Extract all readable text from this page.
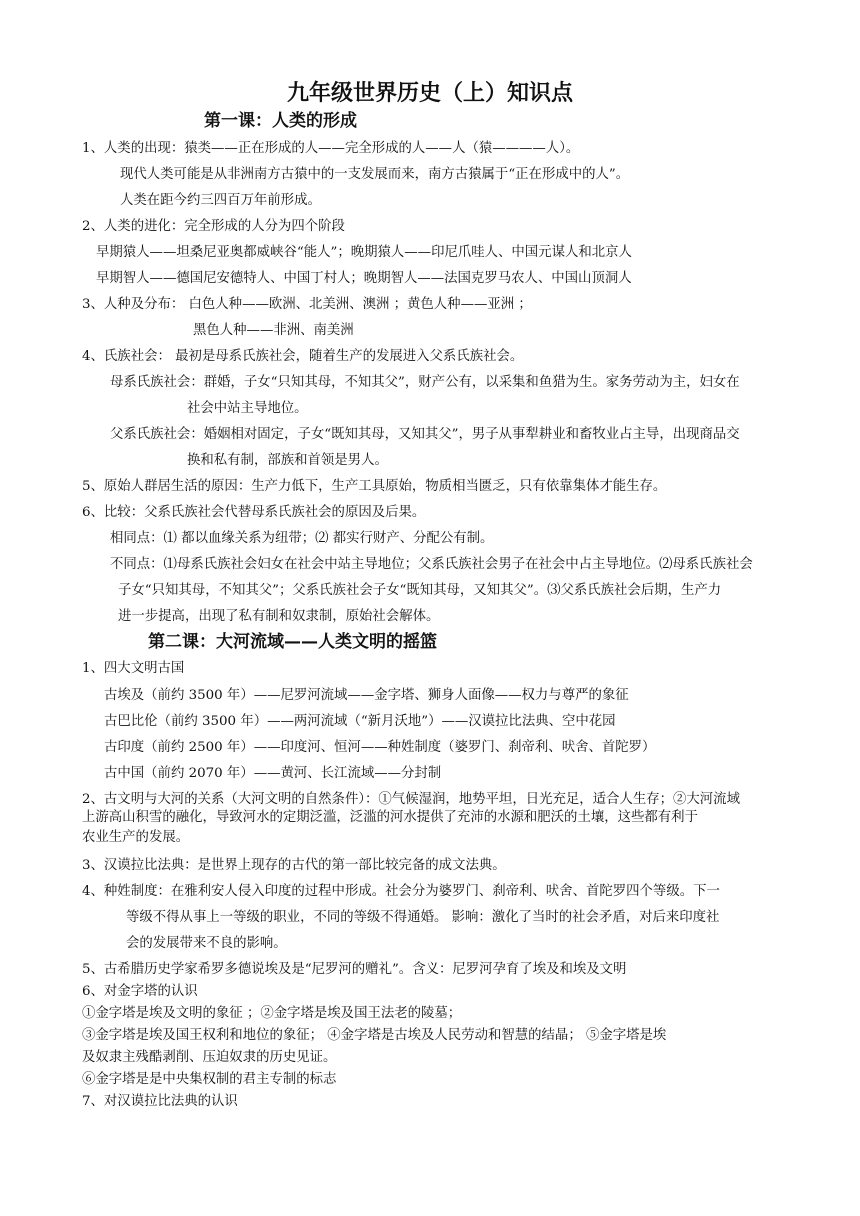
九年级世界历史（上）知识点
第一课：人类的形成
1、人类的出现：猿类——正在形成的人——完全形成的人——人（猿————人）。
现代人类可能是从非洲南方古猿中的一支发展而来，南方古猿属于“正在形成中的人”。
人类在距今约三四百万年前形成。
2、人类的进化：完全形成的人分为四个阶段
早期猿人——坦桑尼亚奥都威峡谷“能人”；晚期猿人——印尼爪哇人、中国元谋人和北京人
早期智人——德国尼安德特人、中国丁村人；晚期智人——法国克罗马农人、中国山顶洞人
3、人种及分布： 白色人种——欧洲、北美洲、澳洲 ；黄色人种——亚洲 ；
黑色人种——非洲、南美洲
4、氏族社会： 最初是母系氏族社会，随着生产的发展进入父系氏族社会。
母系氏族社会：群婚，子女“只知其母，不知其父”，财产公有，以采集和鱼猎为生。家务劳动为主，妇女在
社会中站主导地位。
父系氏族社会：婚姻相对固定，子女“既知其母，又知其父”，男子从事犁耕业和畜牧业占主导，出现商品交
换和私有制，部族和首领是男人。
5、原始人群居生活的原因：生产力低下，生产工具原始，物质相当匮乏，只有依靠集体才能生存。
6、比较：父系氏族社会代替母系氏族社会的原因及后果。
相同点：⑴ 都以血缘关系为纽带；⑵ 都实行财产、分配公有制。
不同点：⑴母系氏族社会妇女在社会中站主导地位；父系氏族社会男子在社会中占主导地位。⑵母系氏族社会
子女“只知其母，不知其父”；父系氏族社会子女“既知其母，又知其父”。⑶父系氏族社会后期，生产力
进一步提高，出现了私有制和奴隶制，原始社会解体。
第二课：大河流域——人类文明的摇篮
1、四大文明古国
古埃及（前约 3500 年）——尼罗河流域——金字塔、狮身人面像——权力与尊严的象征
古巴比伦（前约 3500 年）——两河流域（“新月沃地”）——汉谟拉比法典、空中花园
古印度（前约 2500 年）——印度河、恒河——种姓制度（婆罗门、刹帝利、吠舍、首陀罗）
古中国（前约 2070 年）——黄河、长江流域——分封制
2、古文明与大河的关系（大河文明的自然条件）：①气候湿润，地势平坦，日光充足，适合人生存；②大河流域
上游高山积雪的融化，导致河水的定期泛滥，泛滥的河水提供了充沛的水源和肥沃的土壤，这些都有利于
农业生产的发展。
3、汉谟拉比法典：是世界上现存的古代的第一部比较完备的成文法典。
4、种姓制度：在雅利安人侵入印度的过程中形成。社会分为婆罗门、刹帝利、吠舍、首陀罗四个等级。下一
等级不得从事上一等级的职业，不同的等级不得通婚。 影响：激化了当时的社会矛盾，对后来印度社
会的发展带来不良的影响。
5、古希腊历史学家希罗多德说埃及是“尼罗河的赠礼”。含义：尼罗河孕育了埃及和埃及文明
6、对金字塔的认识
①金字塔是埃及文明的象征 ；②金字塔是埃及国王法老的陵墓；
③金字塔是埃及国王权利和地位的象征； ④金字塔是古埃及人民劳动和智慧的结晶； ⑤金字塔是埃
及奴隶主残酷剥削、压迫奴隶的历史见证。
⑥金字塔是是中央集权制的君主专制的标志
7、对汉谟拉比法典的认识
